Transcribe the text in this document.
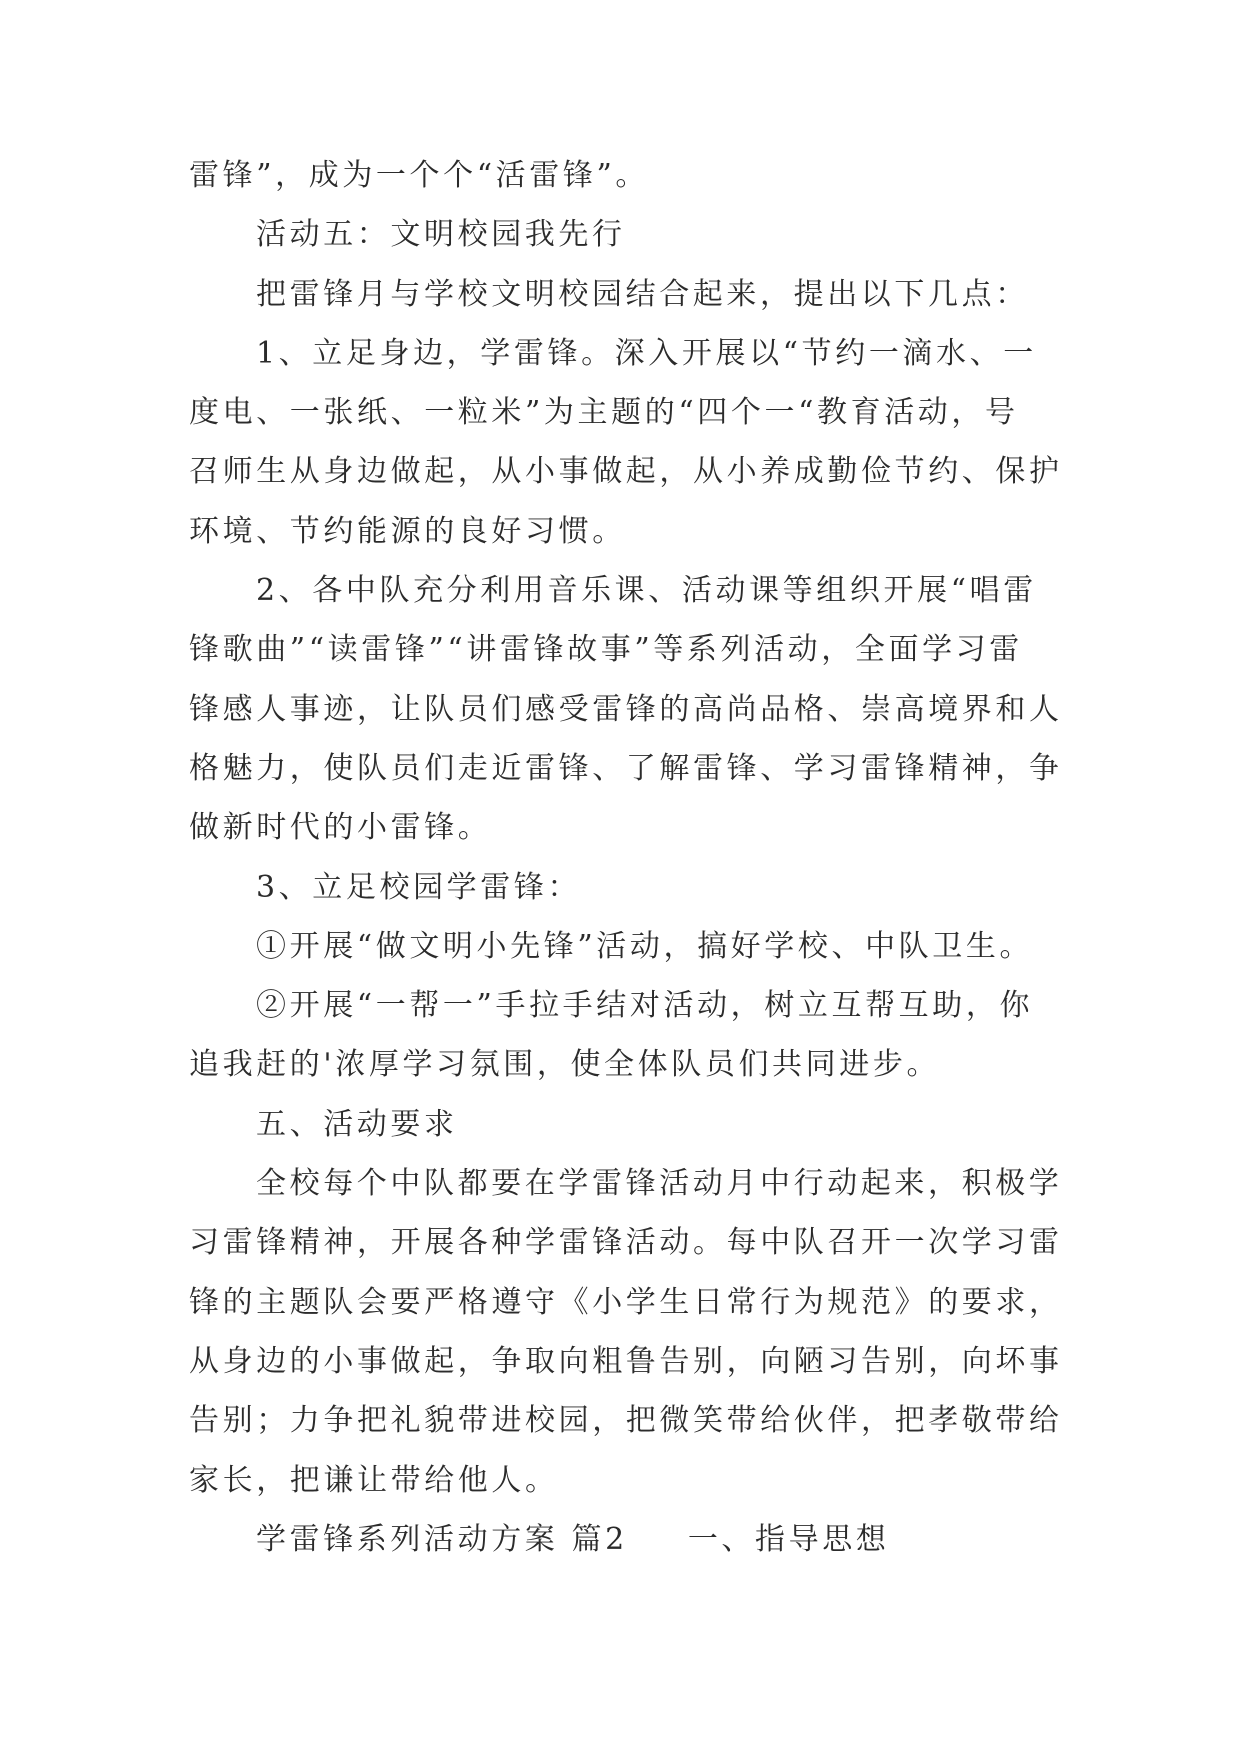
雷锋”，成为一个个“活雷锋”。
活动五：文明校园我先行
把雷锋月与学校文明校园结合起来，提出以下几点：
1、立足身边，学雷锋。深入开展以“节约一滴水、一
度电、一张纸、一粒米”为主题的“四个一“教育活动，号
召师生从身边做起，从小事做起，从小养成勤俭节约、保护
环境、节约能源的良好习惯。
2、各中队充分利用音乐课、活动课等组织开展“唱雷
锋歌曲”“读雷锋”“讲雷锋故事”等系列活动，全面学习雷
锋感人事迹，让队员们感受雷锋的高尚品格、崇高境界和人
格魅力，使队员们走近雷锋、了解雷锋、学习雷锋精神，争
做新时代的小雷锋。
3、立足校园学雷锋：
①开展“做文明小先锋”活动，搞好学校、中队卫生。
②开展“一帮一”手拉手结对活动，树立互帮互助，你
追我赶的'浓厚学习氛围，使全体队员们共同进步。
五、活动要求
全校每个中队都要在学雷锋活动月中行动起来，积极学
习雷锋精神，开展各种学雷锋活动。每中队召开一次学习雷
锋的主题队会要严格遵守《小学生日常行为规范》的要求，
从身边的小事做起，争取向粗鲁告别，向陋习告别，向坏事
告别；力争把礼貌带进校园，把微笑带给伙伴，把孝敬带给
家长，把谦让带给他人。
学雷锋系列活动方案 篇2 一、指导思想
